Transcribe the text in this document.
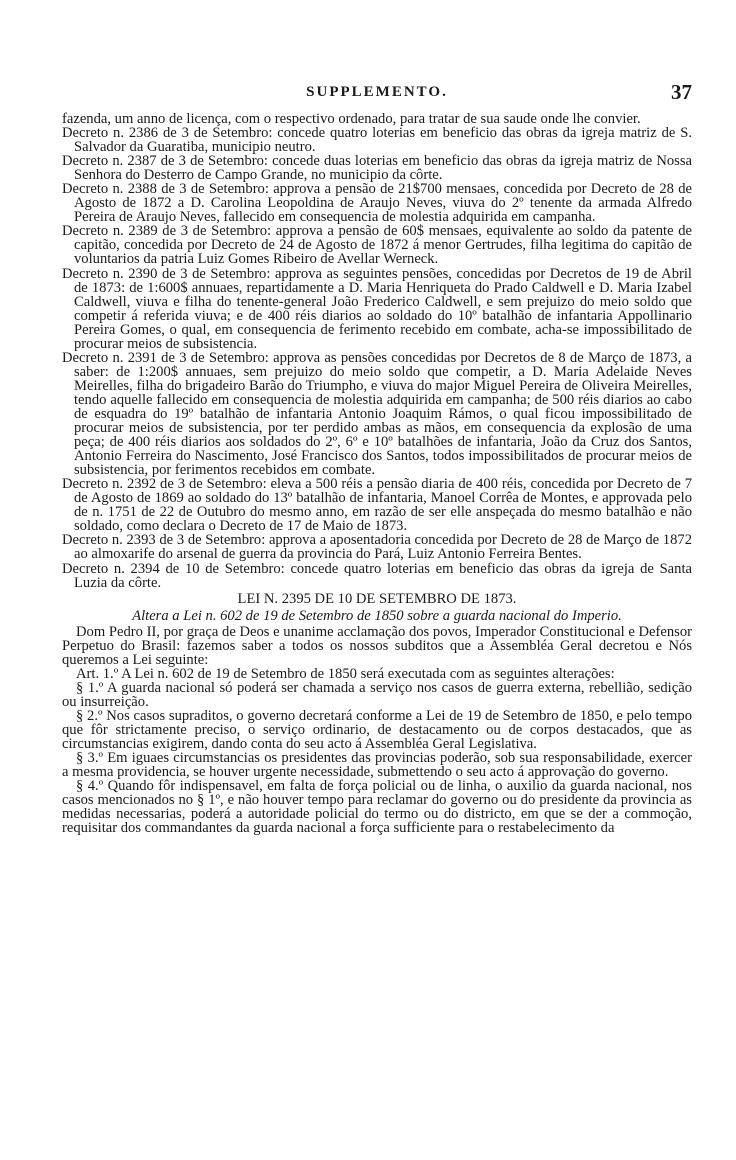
SUPPLEMENTO.	37

fazenda, um anno de licença, com o respectivo ordenado, para tratar de sua saude onde lhe convier.

Decreto n. 2386 de 3 de Setembro: concede quatro loterias em beneficio das obras da igreja matriz de S. Salvador da Guaratiba, municipio neutro.

Decreto n. 2387 de 3 de Setembro: concede duas loterias em beneficio das obras da igreja matriz de Nossa Senhora do Desterro de Campo Grande, no municipio da côrte.

Decreto n. 2388 de 3 de Setembro: approva a pensão de 21$700 mensaes, concedida por Decreto de 28 de Agosto de 1872 a D. Carolina Leopoldina de Araujo Neves, viuva do 2º tenente da armada Alfredo Pereira de Araujo Neves, fallecido em consequencia de molestia adquirida em campanha.

Decreto n. 2389 de 3 de Setembro: approva a pensão de 60$ mensaes, equivalente ao soldo da patente de capitão, concedida por Decreto de 24 de Agosto de 1872 á menor Gertrudes, filha legitima do capitão de voluntarios da patria Luiz Gomes Ribeiro de Avellar Werneck.

Decreto n. 2390 de 3 de Setembro: approva as seguintes pensões, concedidas por Decretos de 19 de Abril de 1873: de 1:600$ annuaes, repartidamente a D. Maria Henriqueta do Prado Caldwell e D. Maria Izabel Caldwell, viuva e filha do tenente-general João Frederico Caldwell, e sem prejuizo do meio soldo que competir á referida viuva; e de 400 réis diarios ao soldado do 10º batalhão de infantaria Appollinario Pereira Gomes, o qual, em consequencia de ferimento recebido em combate, acha-se impossibilitado de procurar meios de subsistencia.

Decreto n. 2391 de 3 de Setembro: approva as pensões concedidas por Decretos de 8 de Março de 1873, a saber: de 1:200$ annuaes, sem prejuizo do meio soldo que competir, a D. Maria Adelaide Neves Meirelles, filha do brigadeiro Barão do Triumpho, e viuva do major Miguel Pereira de Oliveira Meirelles, tendo aquelle fallecido em consequencia de molestia adquirida em campanha; de 500 réis diarios ao cabo de esquadra do 19º batalhão de infantaria Antonio Joaquim Rámos, o qual ficou impossibilitado de procurar meios de subsistencia, por ter perdido ambas as mãos, em consequencia da explosão de uma peça; de 400 réis diarios aos soldados do 2º, 6º e 10º batalhões de infantaria, João da Cruz dos Santos, Antonio Ferreira do Nascimento, José Francisco dos Santos, todos impossibilitados de procurar meios de subsistencia, por ferimentos recebidos em combate.

Decreto n. 2392 de 3 de Setembro: eleva a 500 réis a pensão diaria de 400 réis, concedida por Decreto de 7 de Agosto de 1869 ao soldado do 13º batalhão de infantaria, Manoel Corrêa de Montes, e approvada pelo de n. 1751 de 22 de Outubro do mesmo anno, em razão de ser elle anspeçada do mesmo batalhão e não soldado, como declara o Decreto de 17 de Maio de 1873.

Decreto n. 2393 de 3 de Setembro: approva a aposentadoria concedida por Decreto de 28 de Março de 1872 ao almoxarife do arsenal de guerra da provincia do Pará, Luiz Antonio Ferreira Bentes.

Decreto n. 2394 de 10 de Setembro: concede quatro loterias em beneficio das obras da igreja de Santa Luzia da côrte.

LEI N. 2395 DE 10 DE SETEMBRO DE 1873.
Altera a Lei n. 602 de 19 de Setembro de 1850 sobre a guarda nacional do Imperio.

Dom Pedro II, por graça de Deos e unanime acclamação dos povos, Imperador Constitucional e Defensor Perpetuo do Brasil: fazemos saber a todos os nossos subditos que a Assembléa Geral decretou e Nós queremos a Lei seguinte:

Art. 1.º A Lei n. 602 de 19 de Setembro de 1850 será executada com as seguintes alterações:

§ 1.º A guarda nacional só poderá ser chamada a serviço nos casos de guerra externa, rebellião, sedição ou insurreição.

§ 2.º Nos casos supraditos, o governo decretará conforme a Lei de 19 de Setembro de 1850, e pelo tempo que fôr strictamente preciso, o serviço ordinario, de destacamento ou de corpos destacados, que as circumstancias exigirem, dando conta do seu acto á Assembléa Geral Legislativa.

§ 3.º Em iguaes circumstancias os presidentes das provincias poderão, sob sua responsabilidade, exercer a mesma providencia, se houver urgente necessidade, submettendo o seu acto á approvação do governo.

§ 4.º Quando fôr indispensavel, em falta de força policial ou de linha, o auxilio da guarda nacional, nos casos mencionados no § 1º, e não houver tempo para reclamar do governo ou do presidente da provincia as medidas necessarias, poderá a autoridade policial do termo ou do districto, em que se der a commoção, requisitar dos commandantes da guarda nacional a força sufficiente para o restabelecimento da
